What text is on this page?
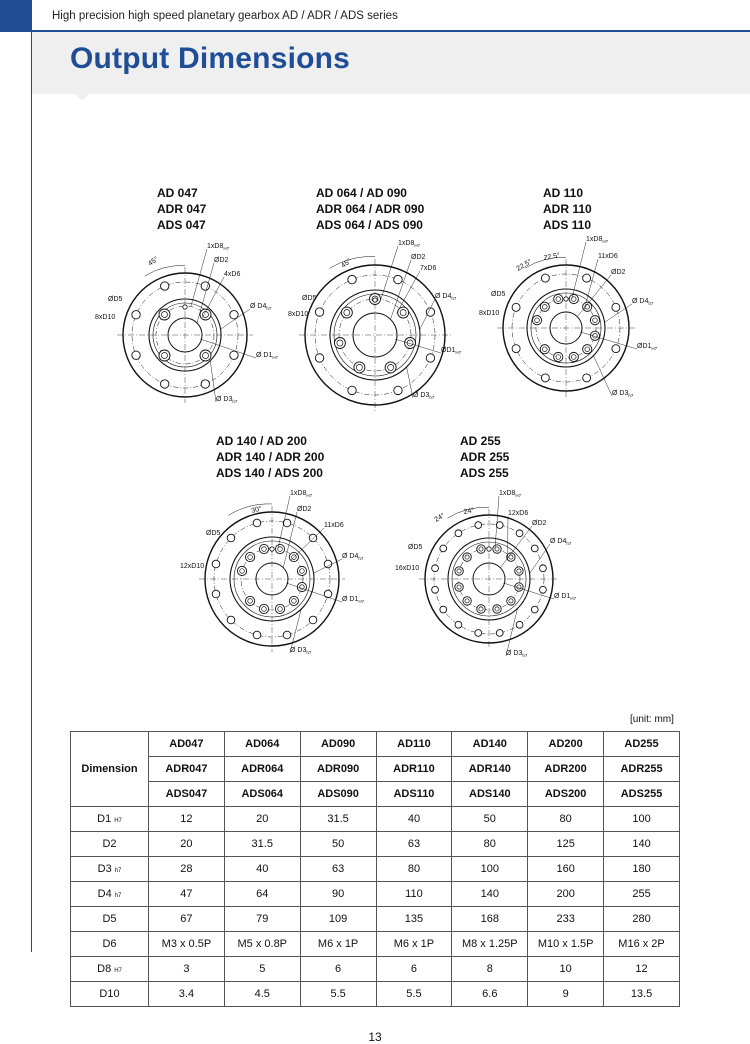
High precision high speed planetary gearbox AD / ADR / ADS series
Output Dimensions
AD 047
ADR 047
ADS 047
AD 064 / AD 090
ADR 064 / ADR 090
ADS 064 / ADS 090
AD 110
ADR 110
ADS 110
AD 140 / AD 200
ADR 140 / ADR 200
ADS 140 / ADS 200
AD 255
ADR 255
ADS 255
$1xD8_{H7}$
ØD2
4xD6
ØD5
Ø $D4_{h7}$
8xD10
Ø $D1_{H7}$
Ø $D3_{h7}$
45°
$1xD8_{H7}$
ØD2
7xD6
ØD5	Ø $D4_{h7}$
8xD10
$ØD1_{H7}$
Ø $D3_{h7}$
45°
$1xD8_{H7}$
ØD2
11xD6
ØD5
Ø $D4_{h7}$
8xD10
$ØD1_{H7}$
Ø $D3_{h7}$
22.5°
22.5°
$1xD8_{H7}$
ØD2
11xD6
ØD5
Ø $D4_{h7}$
12xD10
Ø $D1_{H7}$
Ø $D3_{h7}$
30°
$1xD8_{H7}$
ØD2
12xD6
ØD5
Ø $D4_{h7}$
16xD10
Ø $D1_{H7}$
Ø $D3_{h7}$
24°
24°
[unit: mm]
Dimension	AD047	AD064	AD090	AD110	AD140	AD200	AD255
	ADR047	ADR064	ADR090	ADR110	ADR140	ADR200	ADR255
	ADS047	ADS064	ADS090	ADS110	ADS140	ADS200	ADS255
D1 H7	12	20	31.5	40	50	80	100
D2	20	31.5	50	63	80	125	140
D3 h7	28	40	63	80	100	160	180
D4 h7	47	64	90	110	140	200	255
D5	67	79	109	135	168	233	280
D6	M3 x 0.5P	M5 x 0.8P	M6 x 1P	M6 x 1P	M8 x 1.25P	M10 x 1.5P	M16 x 2P
D8 H7	3	5	6	6	8	10	12
D10	3.4	4.5	5.5	5.5	6.6	9	13.5
13
